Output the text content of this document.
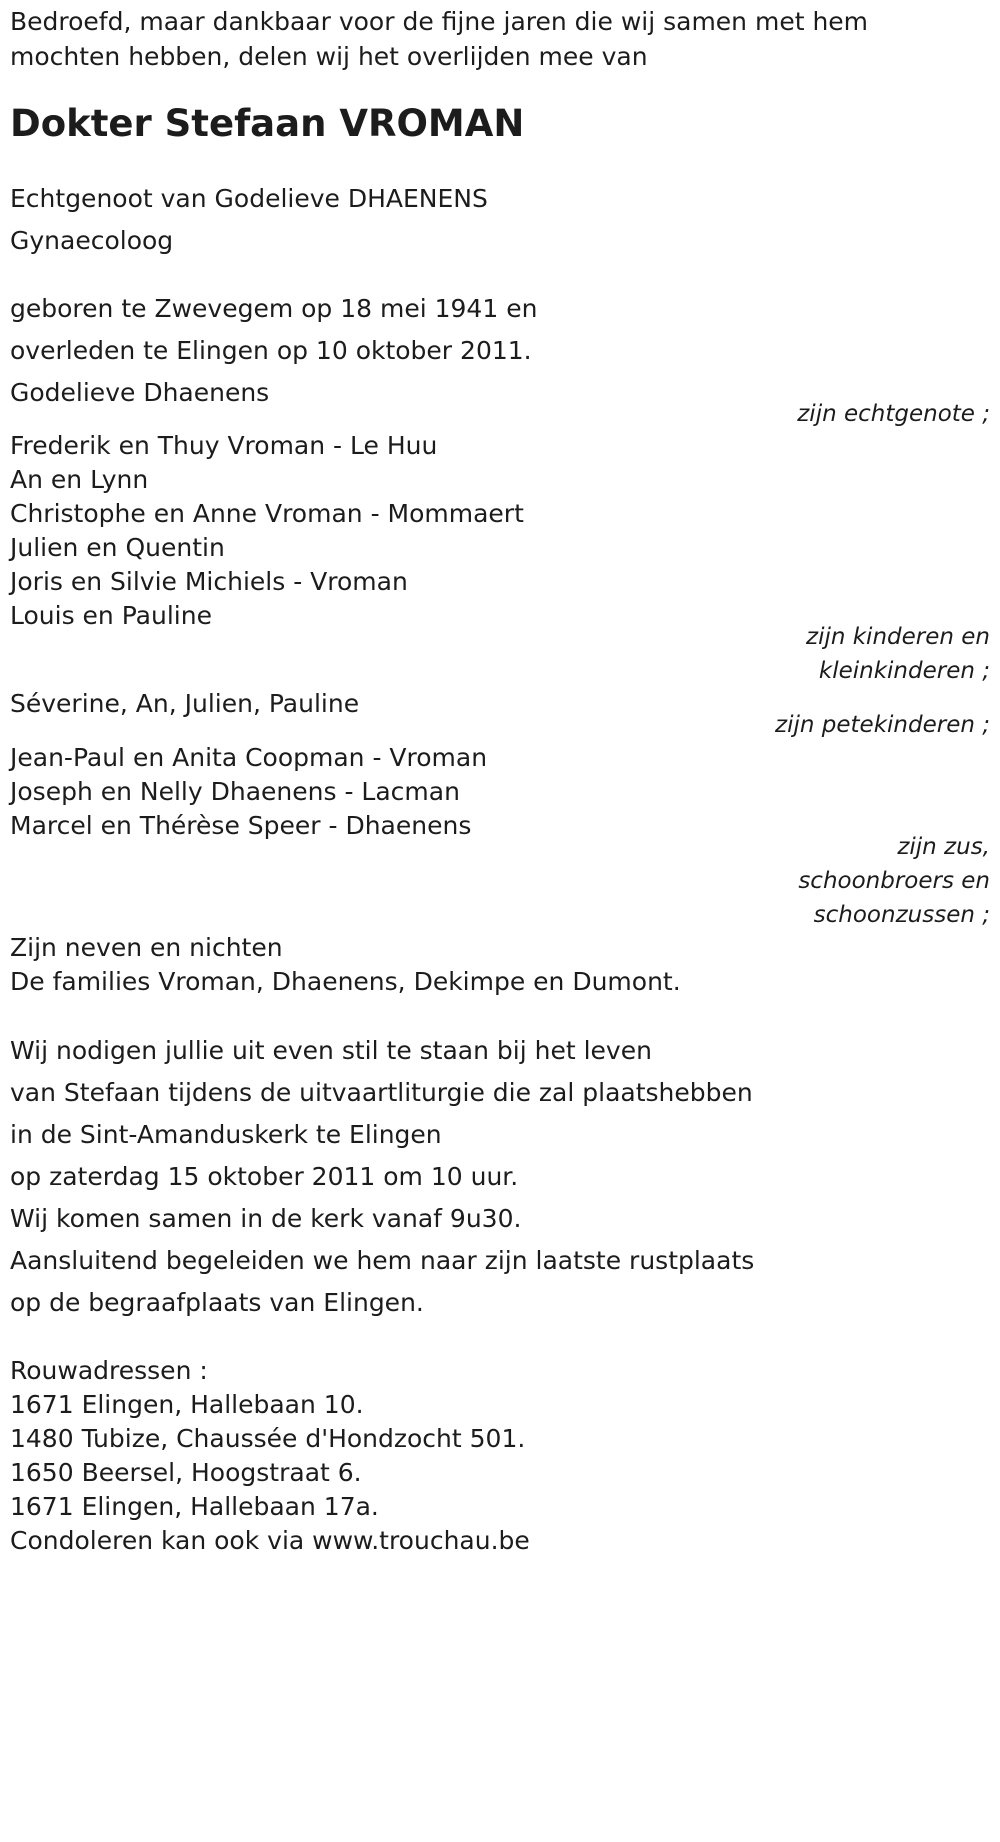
Bedroefd, maar dankbaar voor de fijne jaren die wij samen met hem
mochten hebben, delen wij het overlijden mee van
Dokter Stefaan VROMAN
Echtgenoot van Godelieve DHAENENS
Gynaecoloog
geboren te Zwevegem op 18 mei 1941 en
overleden te Elingen op 10 oktober 2011.
Godelieve Dhaenens
zijn echtgenote ;
Frederik en Thuy Vroman - Le Huu
An en Lynn
Christophe en Anne Vroman - Mommaert
Julien en Quentin
Joris en Silvie Michiels - Vroman
Louis en Pauline
zijn kinderen en
kleinkinderen ;
Séverine, An, Julien, Pauline
zijn petekinderen ;
Jean-Paul en Anita Coopman - Vroman
Joseph en Nelly Dhaenens - Lacman
Marcel en Thérèse Speer - Dhaenens
zijn zus,
schoonbroers en
schoonzussen ;
Zijn neven en nichten
De families Vroman, Dhaenens, Dekimpe en Dumont.
Wij nodigen jullie uit even stil te staan bij het leven
van Stefaan tijdens de uitvaartliturgie die zal plaatshebben
in de Sint-Amanduskerk te Elingen
op zaterdag 15 oktober 2011 om 10 uur.
Wij komen samen in de kerk vanaf 9u30.
Aansluitend begeleiden we hem naar zijn laatste rustplaats
op de begraafplaats van Elingen.
Rouwadressen :
1671 Elingen, Hallebaan 10.
1480 Tubize, Chaussée d'Hondzocht 501.
1650 Beersel, Hoogstraat 6.
1671 Elingen, Hallebaan 17a.
Condoleren kan ook via www.trouchau.be
